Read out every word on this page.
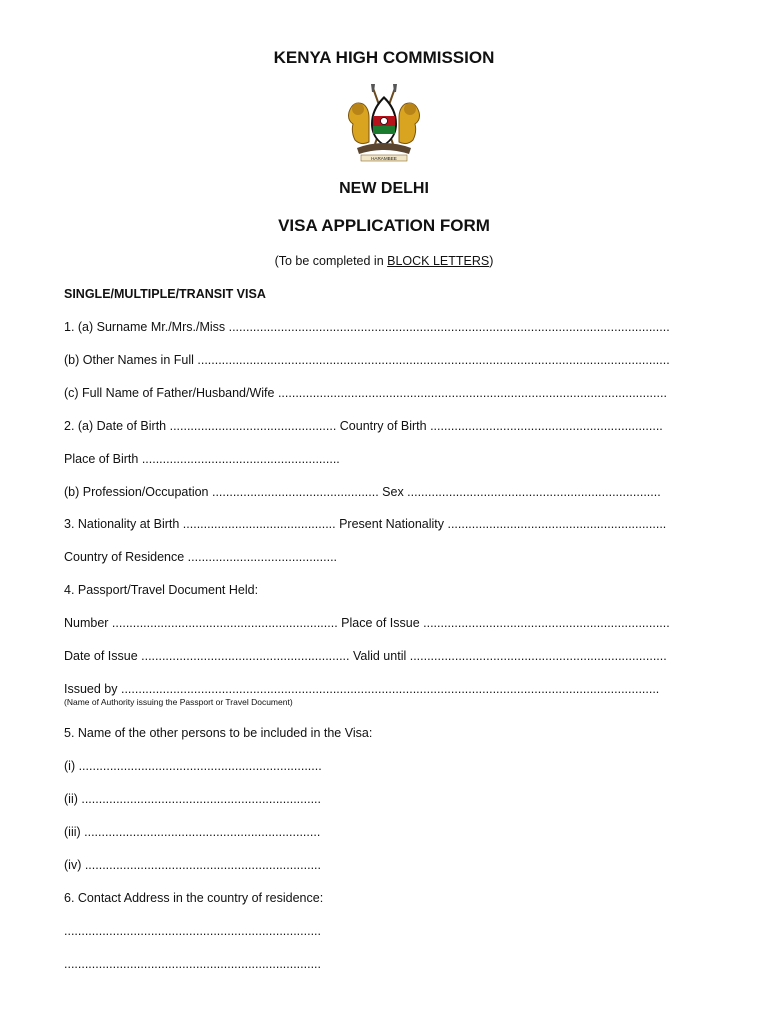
KENYA HIGH COMMISSION
HARAMBEE
NEW DELHI
VISA APPLICATION FORM
(To be completed in BLOCK LETTERS)
SINGLE/MULTIPLE/TRANSIT VISA
1. (a) Surname Mr./Mrs./Miss ...............................................................................................................................
(b) Other Names in Full ........................................................................................................................................
(c) Full Name of Father/Husband/Wife ................................................................................................................
2. (a) Date of Birth ................................................ Country of Birth ...................................................................
Place of Birth .........................................................
(b) Profession/Occupation ................................................ Sex .........................................................................
3. Nationality at Birth ............................................ Present Nationality ...............................................................
Country of Residence ...........................................
4. Passport/Travel Document Held:
Number ................................................................. Place of Issue .......................................................................
Date of Issue ............................................................ Valid until ..........................................................................
Issued by ...........................................................................................................................................................
(Name of Authority issuing the Passport or Travel Document)
5. Name of the other persons to be included in the Visa:
(i) ......................................................................
(ii) .....................................................................
(iii) ....................................................................
(iv) ....................................................................
6. Contact Address in the country of residence:
..........................................................................
..........................................................................
